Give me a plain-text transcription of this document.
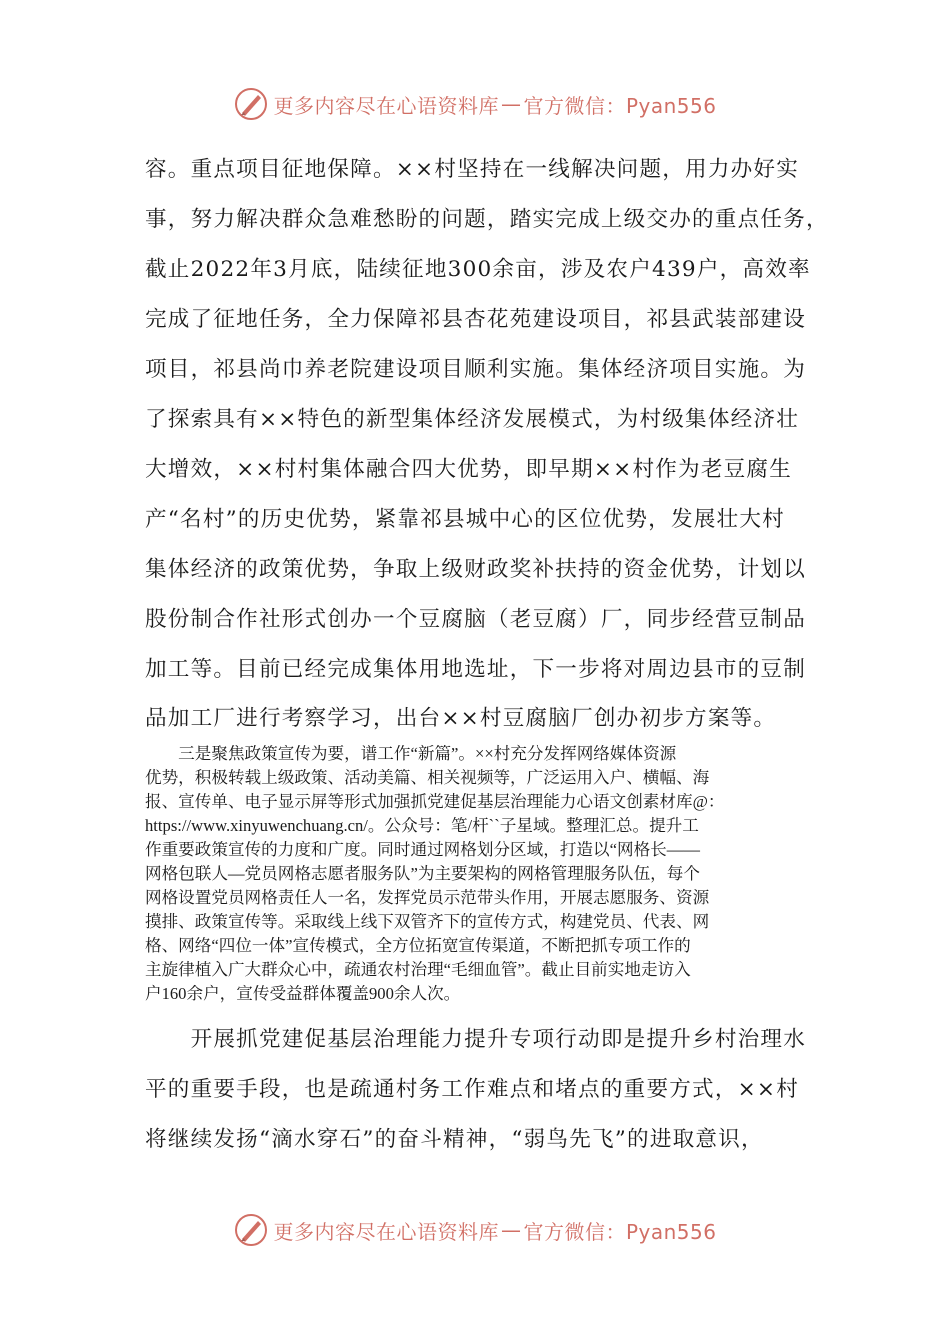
更多内容尽在心语资料库 — 官方微信：Pyan556
容。重点项目征地保障。××村坚持在一线解决问题，用力办好实
事，努力解决群众急难愁盼的问题，踏实完成上级交办的重点任务，
截止2022年3月底，陆续征地300余亩，涉及农户439户，高效率
完成了征地任务，全力保障祁县杏花苑建设项目，祁县武装部建设
项目，祁县尚巾养老院建设项目顺利实施。集体经济项目实施。为
了探索具有××特色的新型集体经济发展模式，为村级集体经济壮
大增效，××村村集体融合四大优势，即早期××村作为老豆腐生
产“名村”的历史优势，紧靠祁县城中心的区位优势，发展壮大村
集体经济的政策优势，争取上级财政奖补扶持的资金优势，计划以
股份制合作社形式创办一个豆腐脑（老豆腐）厂，同步经营豆制品
加工等。目前已经完成集体用地选址，下一步将对周边县市的豆制
品加工厂进行考察学习，出台××村豆腐脑厂创办初步方案等。
　　三是聚焦政策宣传为要，谱工作“新篇”。××村充分发挥网络媒体资源
优势，积极转载上级政策、活动美篇、相关视频等，广泛运用入户、横幅、海
报、宣传单、电子显示屏等形式加强抓党建促基层治理能力心语文创素材库@：
https://www.xinyuwenchuang.cn/。公众号：笔/杆``子星域。整理汇总。提升工
作重要政策宣传的力度和广度。同时通过网格划分区域，打造以“网格长——
网格包联人—党员网格志愿者服务队”为主要架构的网格管理服务队伍，每个
网格设置党员网格责任人一名，发挥党员示范带头作用，开展志愿服务、资源
摸排、政策宣传等。采取线上线下双管齐下的宣传方式，构建党员、代表、网
格、网络“四位一体”宣传模式，全方位拓宽宣传渠道，不断把抓专项工作的
主旋律植入广大群众心中，疏通农村治理“毛细血管”。截止目前实地走访入
户160余户，宣传受益群体覆盖900余人次。
　　开展抓党建促基层治理能力提升专项行动即是提升乡村治理水
平的重要手段，也是疏通村务工作难点和堵点的重要方式，××村
将继续发扬“滴水穿石”的奋斗精神，“弱鸟先飞”的进取意识，
更多内容尽在心语资料库 — 官方微信：Pyan556
